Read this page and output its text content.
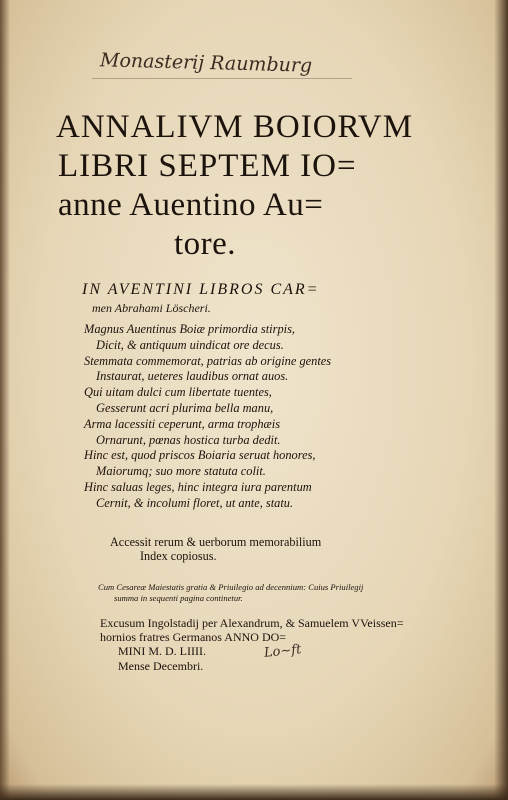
Monasterij Raumburg
ANNALIVM BOIORVM
LIBRI SEPTEM IO=
anne Auentino Au=
tore.
IN AVENTINI LIBROS CAR=
men Abrahami Löscheri.
Magnus Auentinus Boiæ primordia stirpis,
Dicit, & antiquum uindicat ore decus.
Stemmata commemorat, patrias ab origine gentes
Instaurat, ueteres laudibus ornat auos.
Qui uitam dulci cum libertate tuentes,
Gesserunt acri plurima bella manu,
Arma lacessiti ceperunt, arma trophæis
Ornarunt, pœnas hostica turba dedit.
Hinc est, quod priscos Boiaria seruat honores,
Maiorumq; suo more statuta colit.
Hinc saluas leges, hinc integra iura parentum
Cernit, & incolumi floret, ut ante, statu.
Accessit rerum & uerborum memorabilium
Index copiosus.
Cum Cesareæ Maiestatis gratia & Priuilegio ad decennium: Cuius Priuilegij
summa in sequenti pagina continetur.
Excusum Ingolstadij per Alexandrum, & Samuelem VVeissen=
hornios fratres Germanos ANNO DO=
MINI M. D. LIIII.
Mense Decembri.
Lo~ft
